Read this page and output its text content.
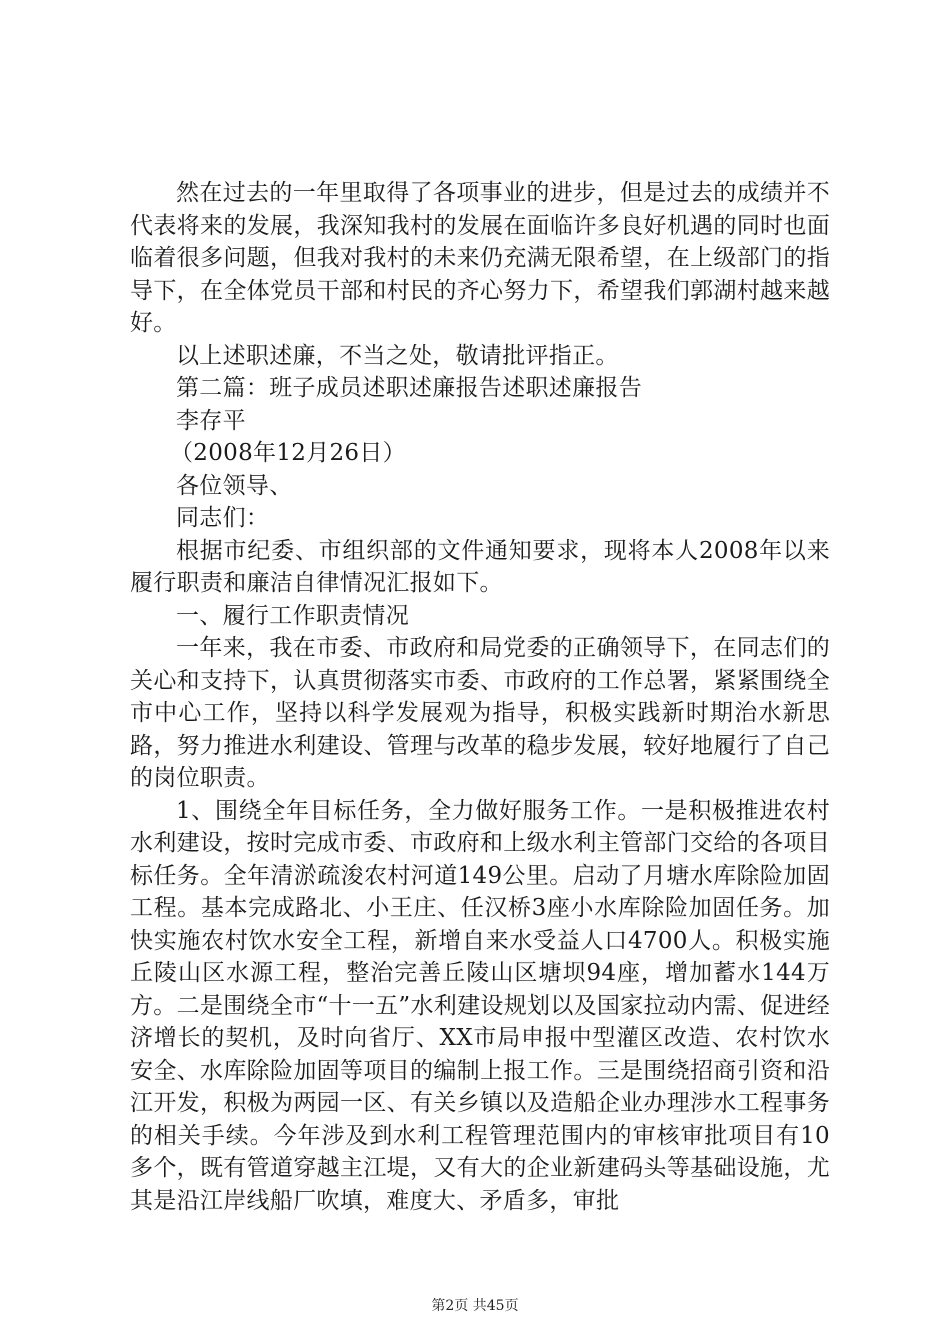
然在过去的一年里取得了各项事业的进步，但是过去的成绩并不代表将来的发展，我深知我村的发展在面临许多良好机遇的同时也面临着很多问题，但我对我村的未来仍充满无限希望，在上级部门的指导下，在全体党员干部和村民的齐心努力下，希望我们郭湖村越来越好。

以上述职述廉，不当之处，敬请批评指正。

第二篇：班子成员述职述廉报告述职述廉报告

李存平

（2008年12月26日）

各位领导、

同志们：

根据市纪委、市组织部的文件通知要求，现将本人2008年以来履行职责和廉洁自律情况汇报如下。

一、履行工作职责情况

一年来，我在市委、市政府和局党委的正确领导下，在同志们的关心和支持下，认真贯彻落实市委、市政府的工作总署，紧紧围绕全市中心工作，坚持以科学发展观为指导，积极实践新时期治水新思路，努力推进水利建设、管理与改革的稳步发展，较好地履行了自己的岗位职责。

1、围绕全年目标任务，全力做好服务工作。一是积极推进农村水利建设，按时完成市委、市政府和上级水利主管部门交给的各项目标任务。全年清淤疏浚农村河道149公里。启动了月塘水库除险加固工程。基本完成路北、小王庄、任汉桥3座小水库除险加固任务。加快实施农村饮水安全工程，新增自来水受益人口4700人。积极实施丘陵山区水源工程，整治完善丘陵山区塘坝94座，增加蓄水144万方。二是围绕全市“十一五”水利建设规划以及国家拉动内需、促进经济增长的契机，及时向省厅、XX市局申报中型灌区改造、农村饮水安全、水库除险加固等项目的编制上报工作。三是围绕招商引资和沿江开发，积极为两园一区、有关乡镇以及造船企业办理涉水工程事务的相关手续。今年涉及到水利工程管理范围内的审核审批项目有10多个，既有管道穿越主江堤，又有大的企业新建码头等基础设施，尤其是沿江岸线船厂吹填，难度大、矛盾多，审批

第2页 共45页
